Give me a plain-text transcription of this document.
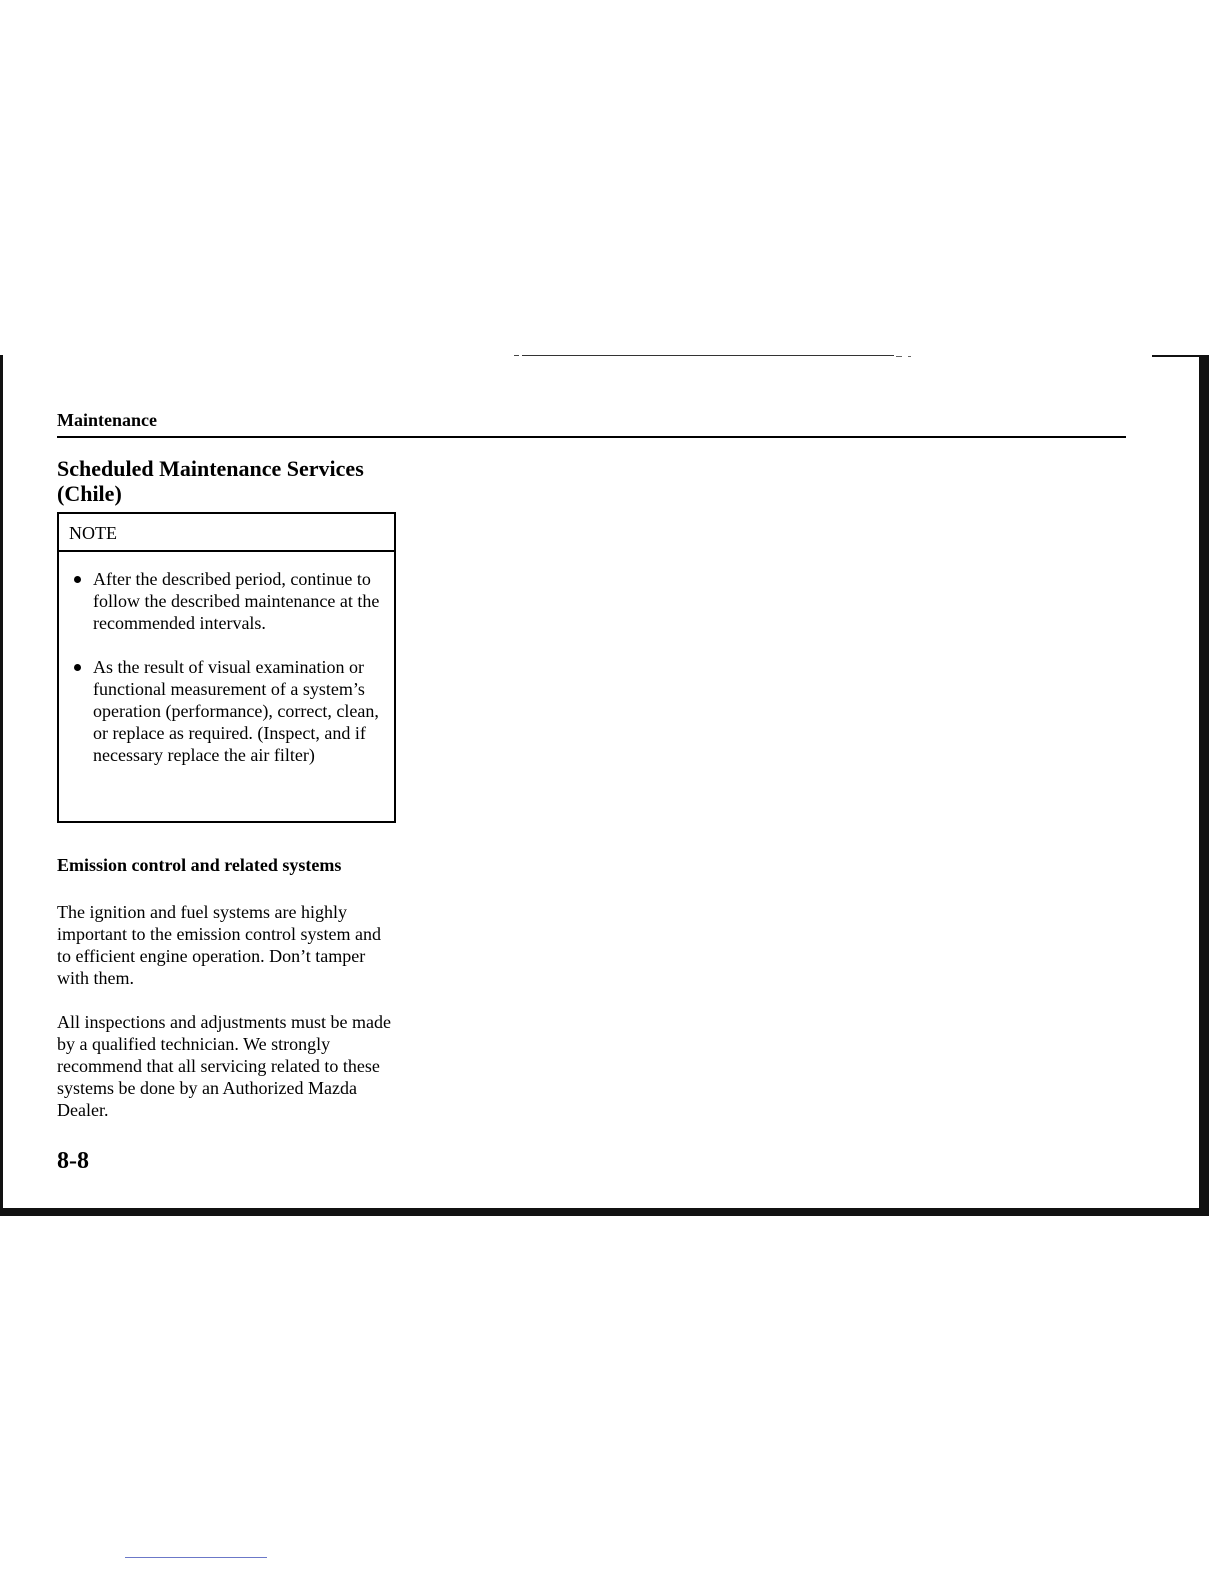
Maintenance
Scheduled Maintenance Services (Chile)
NOTE
After the described period, continue to follow the described maintenance at the recommended intervals.
As the result of visual examination or functional measurement of a system’s operation (performance), correct, clean, or replace as required. (Inspect, and if necessary replace the air filter)
Emission control and related systems
The ignition and fuel systems are highly important to the emission control system and to efficient engine operation. Don’t tamper with them.
All inspections and adjustments must be made by a qualified technician. We strongly recommend that all servicing related to these systems be done by an Authorized Mazda Dealer.
8-8
